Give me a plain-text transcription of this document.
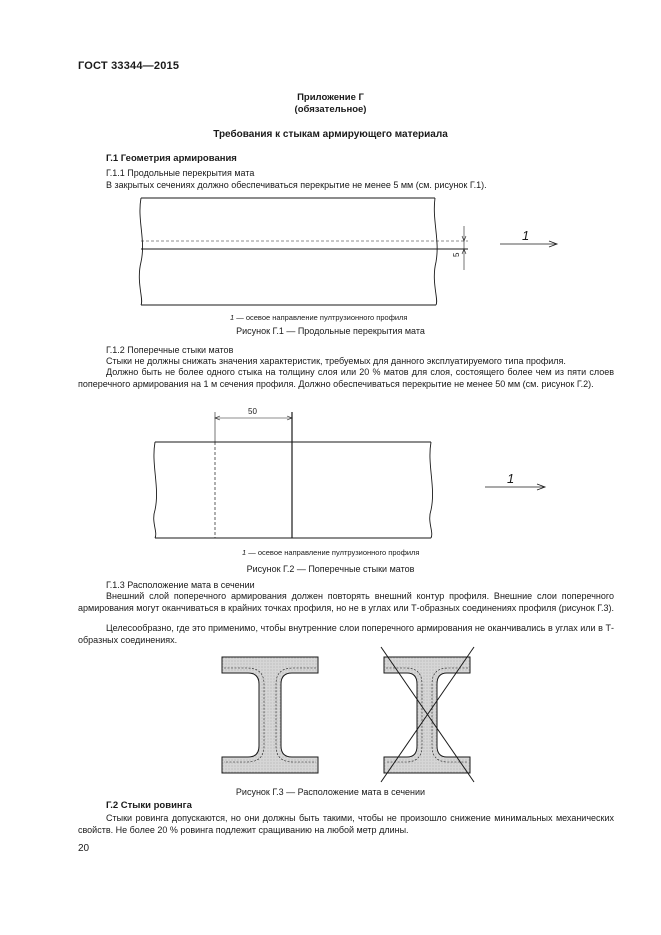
ГОСТ 33344—2015
Приложение Г
(обязательное)
Требования к стыкам армирующего материала
Г.1 Геометрия армирования
Г.1.1 Продольные перекрытия мата
В закрытых сечениях должно обеспечиваться перекрытие не менее 5 мм (см. рисунок Г.1).
5
1
1 — осевое направление пултрузионного профиля
Рисунок Г.1 — Продольные перекрытия мата
Г.1.2 Поперечные стыки матов
Стыки не должны снижать значения характеристик, требуемых для данного эксплуатируемого типа профиля.
Должно быть не более одного стыка на толщину слоя или 20 % матов для слоя, состоящего более чем из пяти слоев поперечного армирования на 1 м сечения профиля. Должно обеспечиваться перекрытие не менее 50 мм (см. рисунок Г.2).
50
1
1 — осевое направление пултрузионного профиля
Рисунок Г.2 — Поперечные стыки матов
Г.1.3 Расположение мата в сечении
Внешний слой поперечного армирования должен повторять внешний контур профиля. Внешние слои поперечного армирования могут оканчиваться в крайних точках профиля, но не в углах или Т-образных соединениях профиля (рисунок Г.3).
Целесообразно, где это применимо, чтобы внутренние слои поперечного армирования не оканчивались в углах или в Т-образных соединениях.
Рисунок Г.3 — Расположение мата в сечении
Г.2 Стыки ровинга
Стыки ровинга допускаются, но они должны быть такими, чтобы не произошло снижение минимальных механических свойств. Не более 20 % ровинга подлежит сращиванию на любой метр длины.
20
